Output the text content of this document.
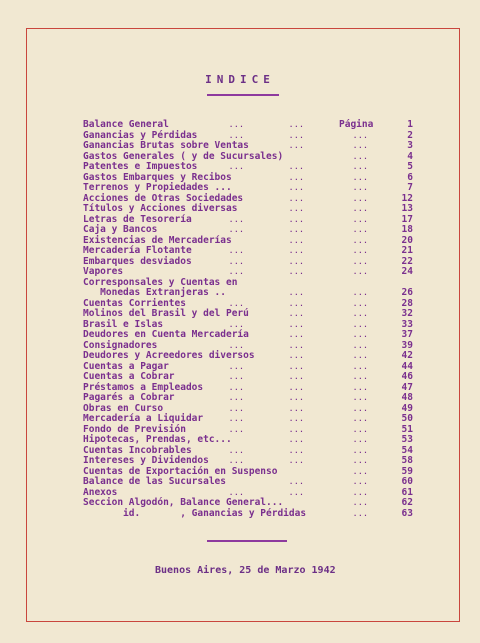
INDICE
Página
Balance General	...	...	1
Ganancias y Pérdidas	...	...	...	2
Ganancias Brutas sobre Ventas	...	...	3
Gastos Generales ( y de Sucursales)	...	4
Patentes e Impuestos	...	...	...	5
Gastos Embarques y Recibos	...	...	6
Terrenos y Propiedades ...	...	...	7
Acciones de Otras Sociedades	...	...	12
Títulos y Acciones diversas	...	...	13
Letras de Tesorería	...	...	...	17
Caja y Bancos	...	...	...	18
Existencias de Mercaderías	...	...	20
Mercadería Flotante	...	...	...	21
Embarques desviados	...	...	...	22
Vapores	...	...	...	24
Corresponsales y Cuentas en
Monedas Extranjeras ..	...	...	26
Cuentas Corrientes	...	...	...	28
Molinos del Brasil y del Perú	...	...	32
Brasil e Islas	...	...	...	33
Deudores en Cuenta Mercadería	...	...	37
Consignadores	...	...	...	39
Deudores y Acreedores diversos	...	...	42
Cuentas a Pagar	...	...	...	44
Cuentas a Cobrar	...	...	...	46
Préstamos a Empleados	...	...	...	47
Pagarés a Cobrar	...	...	...	48
Obras en Curso	...	...	...	49
Mercadería a Liquidar	...	...	...	50
Fondo de Previsión	...	...	...	51
Hipotecas, Prendas, etc...	...	...	53
Cuentas Incobrables	...	...	...	54
Intereses y Dividendos	...	...	...	58
Cuentas de Exportación en Suspenso	...	59
Balance de las Sucursales	...	...	60
Anexos	...	...	...	61
Seccion Algodón, Balance General...	...	62
id.       , Ganancias y Pérdidas	...	63
Buenos Aires, 25 de Marzo 1942
